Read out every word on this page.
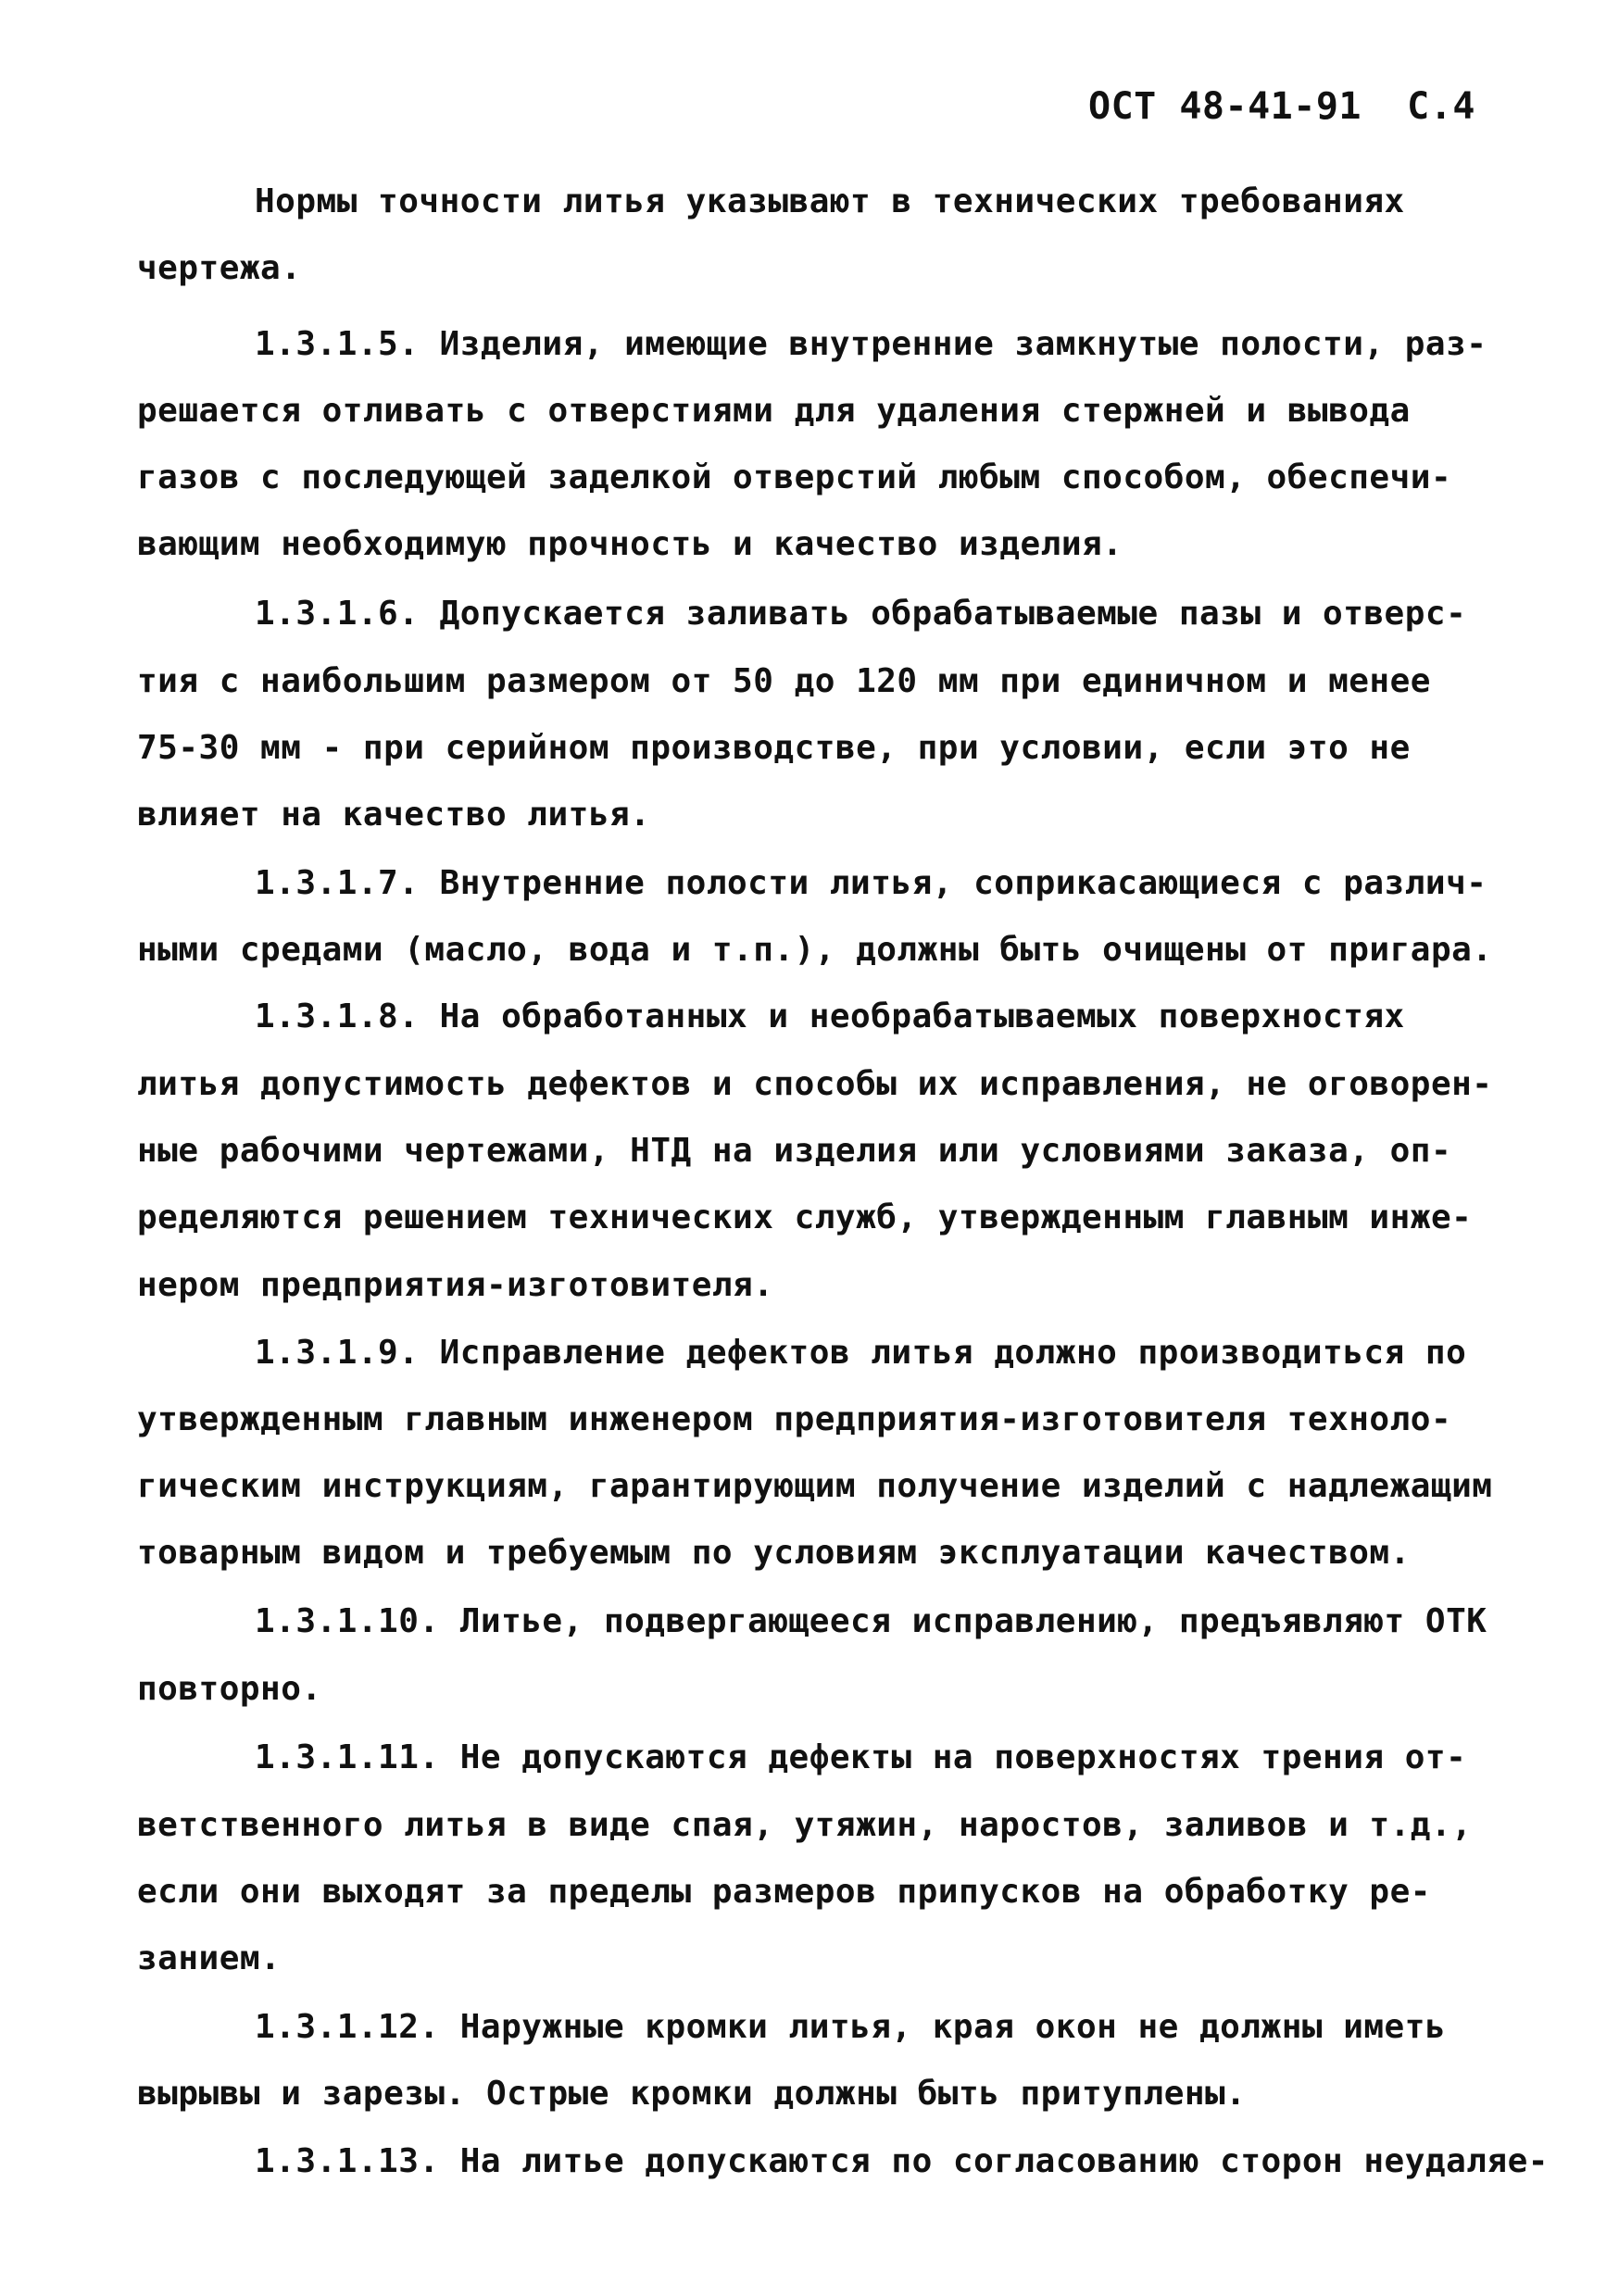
ОСТ 48-41-91 С.4
Нормы точности литья указывают в технических требованиях
чертежа.
1.3.1.5. Изделия, имеющие внутренние замкнутые полости, раз-
решается отливать с отверстиями для удаления стержней и вывода
газов с последующей заделкой отверстий любым способом, обеспечи-
вающим необходимую прочность и качество изделия.
1.3.1.6. Допускается заливать обрабатываемые пазы и отверс-
тия с наибольшим размером от 50 до 120 мм при единичном и менее
75-30 мм - при серийном производстве, при условии, если это не
влияет на качество литья.
1.3.1.7. Внутренние полости литья, соприкасающиеся с различ-
ными средами (масло, вода и т.п.), должны быть очищены от пригара.
1.3.1.8. На обработанных и необрабатываемых поверхностях
литья допустимость дефектов и способы их исправления, не оговорен-
ные рабочими чертежами, НТД на изделия или условиями заказа, оп-
ределяются решением технических служб, утвержденным главным инже-
нером предприятия-изготовителя.
1.3.1.9. Исправление дефектов литья должно производиться по
утвержденным главным инженером предприятия-изготовителя техноло-
гическим инструкциям, гарантирующим получение изделий с надлежащим
товарным видом и требуемым по условиям эксплуатации качеством.
1.3.1.10. Литье, подвергающееся исправлению, предъявляют ОТК
повторно.
1.3.1.11. Не допускаются дефекты на поверхностях трения от-
ветственного литья в виде спая, утяжин, наростов, заливов и т.д.,
если они выходят за пределы размеров припусков на обработку ре-
занием.
1.3.1.12. Наружные кромки литья, края окон не должны иметь
вырывы и зарезы. Острые кромки должны быть притуплены.
1.3.1.13. На литье допускаются по согласованию сторон неудаляе-
